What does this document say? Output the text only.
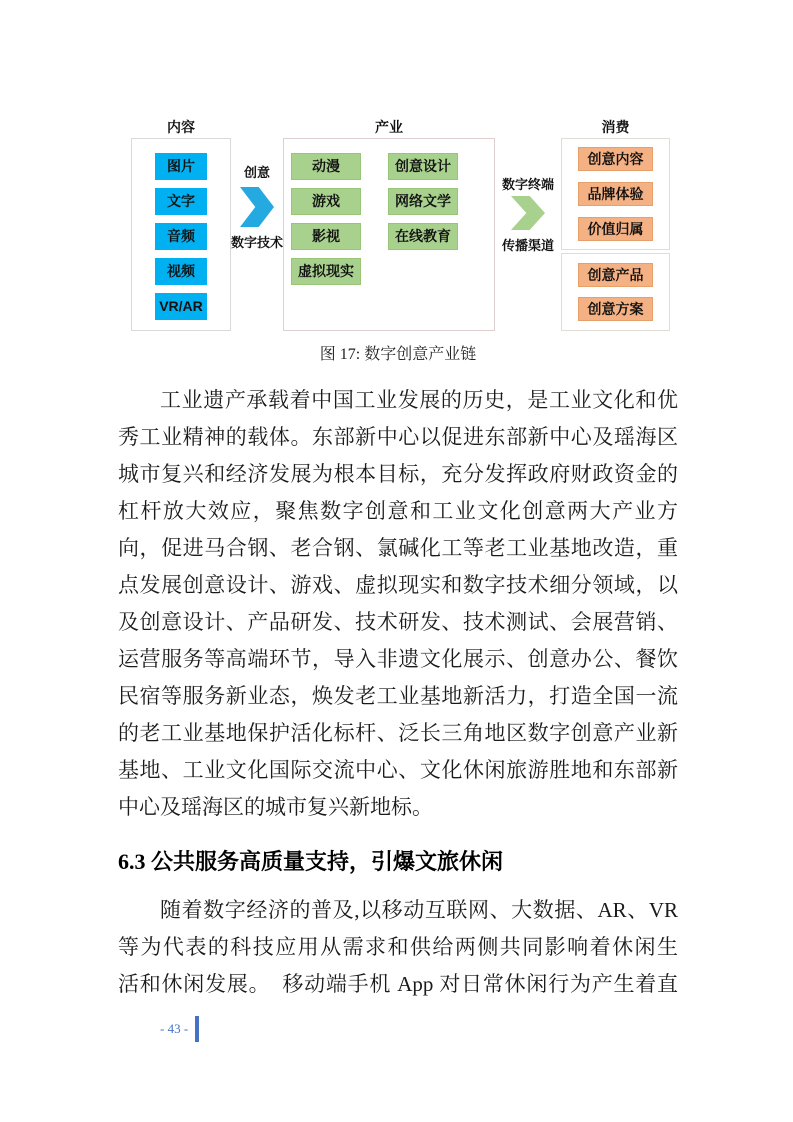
内容
图片
文字
音频
视频
VR/AR
创意
数字技术
产业
动漫
游戏
影视
虚拟现实
创意设计
网络文学
在线教育
数字终端
传播渠道
消费
创意内容
品牌体验
价值归属
创意产品
创意方案
图 17: 数字创意产业链
工业遗产承载着中国工业发展的历史，是工业文化和优
秀工业精神的载体。东部新中心以促进东部新中心及瑶海区
城市复兴和经济发展为根本目标，充分发挥政府财政资金的
杠杆放大效应，聚焦数字创意和工业文化创意两大产业方
向，促进马合钢、老合钢、氯碱化工等老工业基地改造，重
点发展创意设计、游戏、虚拟现实和数字技术细分领域，以
及创意设计、产品研发、技术研发、技术测试、会展营销、
运营服务等高端环节，导入非遗文化展示、创意办公、餐饮
民宿等服务新业态，焕发老工业基地新活力，打造全国一流
的老工业基地保护活化标杆、泛长三角地区数字创意产业新
基地、工业文化国际交流中心、文化休闲旅游胜地和东部新
中心及瑶海区的城市复兴新地标。
6.3 公共服务高质量支持，引爆文旅休闲
随着数字经济的普及,以移动互联网、大数据、AR、VR
等为代表的科技应用从需求和供给两侧共同影响着休闲生
活和休闲发展。  移动端手机 App 对日常休闲行为产生着直
- 43 -
